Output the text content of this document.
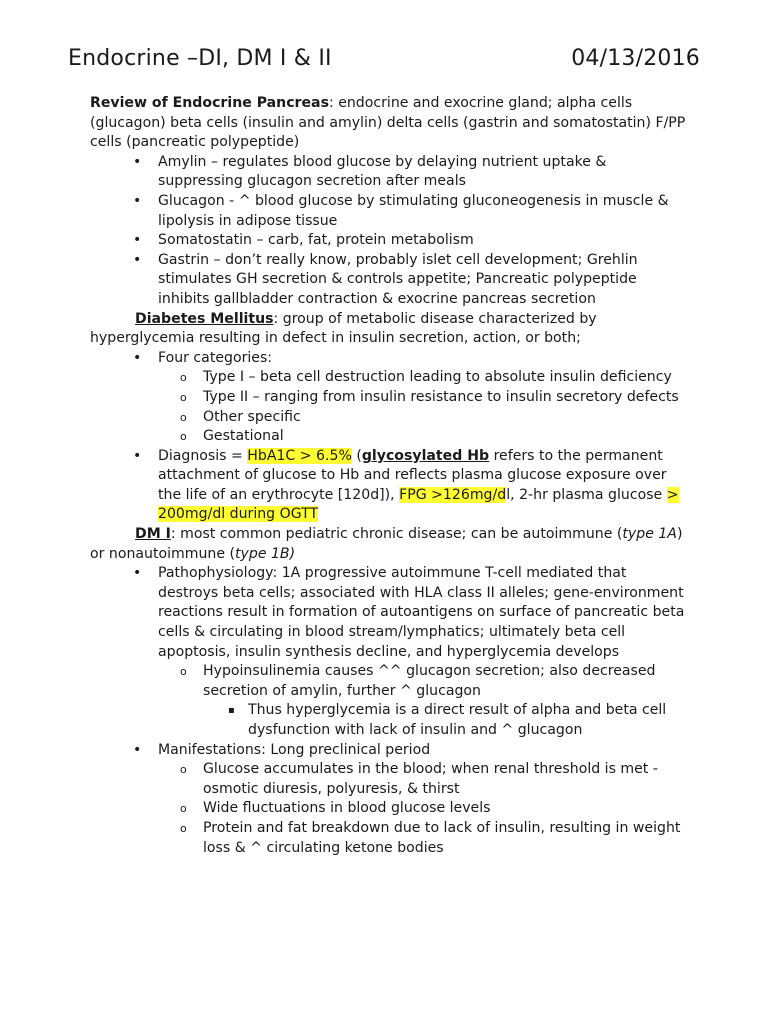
Endocrine –DI, DM I & II	04/13/2016

Review of Endocrine Pancreas: endocrine and exocrine gland; alpha cells (glucagon) beta cells (insulin and amylin) delta cells (gastrin and somatostatin) F/PP cells (pancreatic polypeptide)

• Amylin – regulates blood glucose by delaying nutrient uptake & suppressing glucagon secretion after meals
• Glucagon - ^ blood glucose by stimulating gluconeogenesis in muscle & lipolysis in adipose tissue
• Somatostatin – carb, fat, protein metabolism
• Gastrin – don’t really know, probably islet cell development; Grehlin stimulates GH secretion & controls appetite; Pancreatic polypeptide inhibits gallbladder contraction & exocrine pancreas secretion

Diabetes Mellitus: group of metabolic disease characterized by hyperglycemia resulting in defect in insulin secretion, action, or both;

• Four categories:
o Type I – beta cell destruction leading to absolute insulin deficiency
o Type II – ranging from insulin resistance to insulin secretory defects
o Other specific
o Gestational
• Diagnosis = HbA1C > 6.5% (glycosylated Hb refers to the permanent attachment of glucose to Hb and reflects plasma glucose exposure over the life of an erythrocyte [120d]), FPG >126mg/dl, 2-hr plasma glucose > 200mg/dl during OGTT

DM I: most common pediatric chronic disease; can be autoimmune (type 1A) or nonautoimmune (type 1B)

• Pathophysiology: 1A progressive autoimmune T-cell mediated that destroys beta cells; associated with HLA class II alleles; gene-environment reactions result in formation of autoantigens on surface of pancreatic beta cells & circulating in blood stream/lymphatics; ultimately beta cell apoptosis, insulin synthesis decline, and hyperglycemia develops
o Hypoinsulinemia causes ^^ glucagon secretion; also decreased secretion of amylin, further ^ glucagon
▪ Thus hyperglycemia is a direct result of alpha and beta cell dysfunction with lack of insulin and ^ glucagon
• Manifestations: Long preclinical period
o Glucose accumulates in the blood; when renal threshold is met - osmotic diuresis, polyuresis, & thirst
o Wide fluctuations in blood glucose levels
o Protein and fat breakdown due to lack of insulin, resulting in weight loss & ^ circulating ketone bodies
